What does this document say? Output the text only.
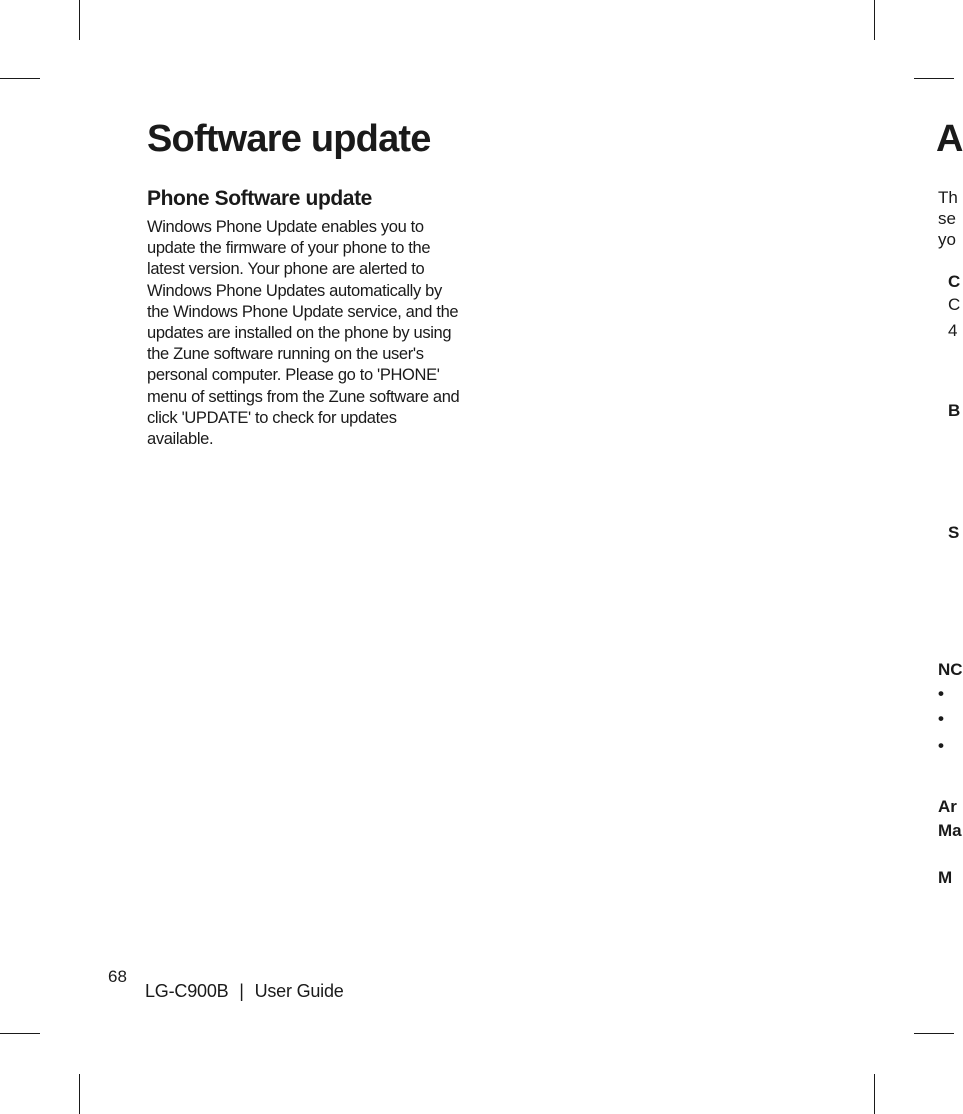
Software update
Phone Software update

Windows Phone Update enables you to update the firmware of your phone to the latest version. Your phone are alerted to Windows Phone Updates automatically by the Windows Phone Update service, and the updates are installed on the phone by using the Zune software running on the user's personal computer. Please go to 'PHONE' menu of settings from the Zune software and click 'UPDATE' to check for updates available.

68
LG-C900B | User Guide
A
Th
se
yo
C
C
4
B
S
NC
•
•
•
Ar
Ma
M
